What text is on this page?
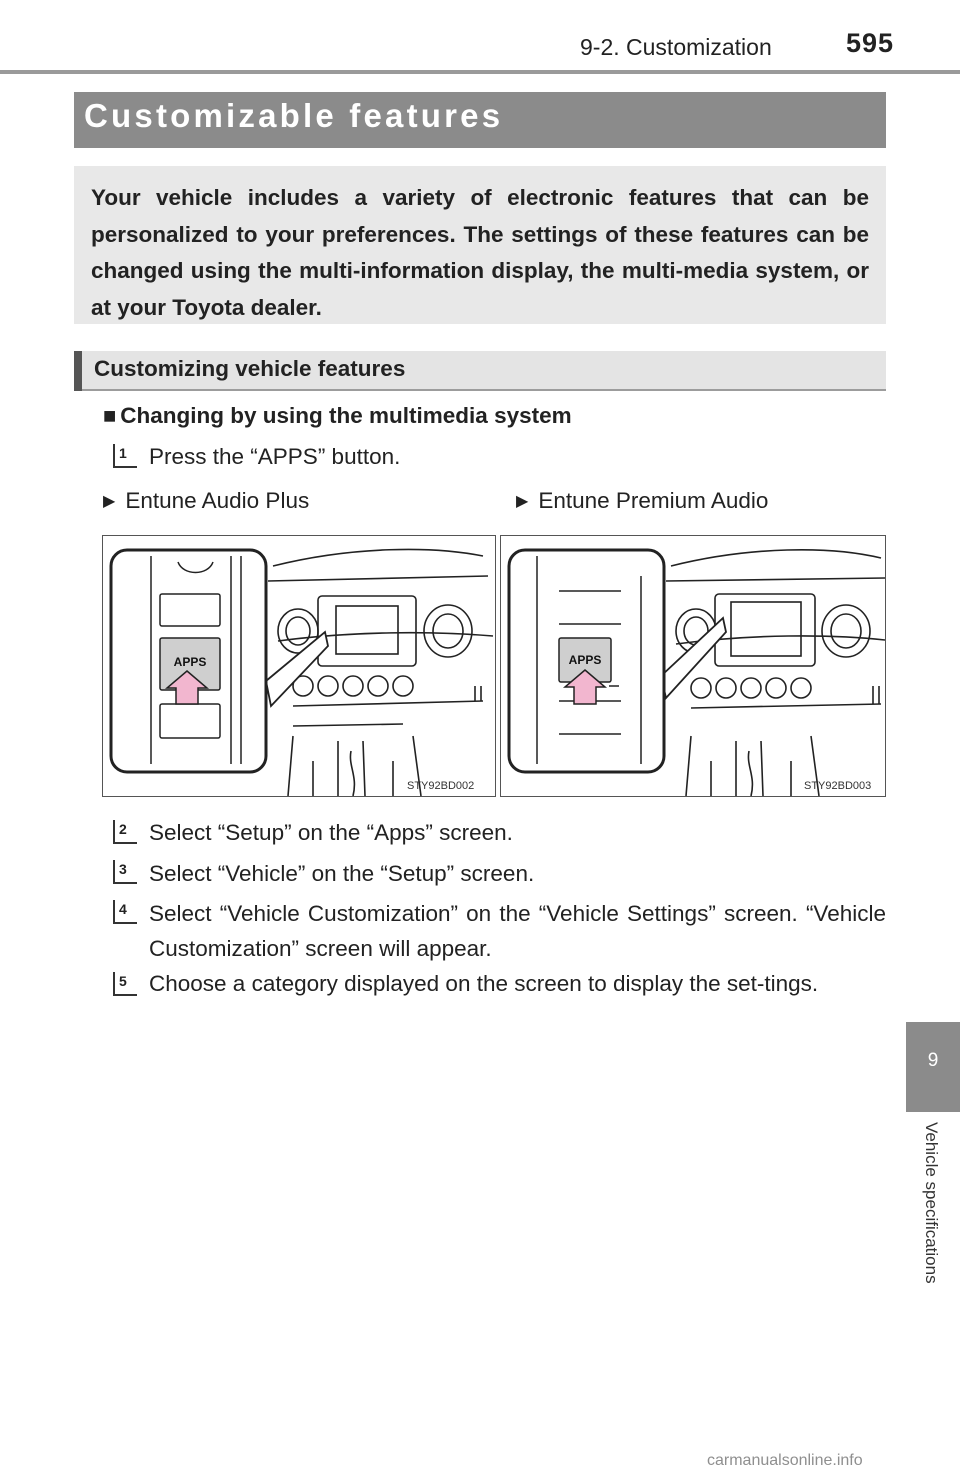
9-2. Customization	595
Customizable features
Your vehicle includes a variety of electronic features that can be personalized to your preferences. The settings of these features can be changed using the multi-information display, the multi-media system, or at your Toyota dealer.
Customizing vehicle features
■ Changing by using the multimedia system
1 Press the “APPS” button.
▶ Entune Audio Plus	▶ Entune Premium Audio
APPS	APPS
STY92BD002	STY92BD003
2 Select “Setup” on the “Apps” screen.
3 Select “Vehicle” on the “Setup” screen.
4 Select “Vehicle Customization” on the “Vehicle Settings” screen. “Vehicle Customization” screen will appear.
5 Choose a category displayed on the screen to display the set-tings.
9
Vehicle specifications
carmanualsonline.info
